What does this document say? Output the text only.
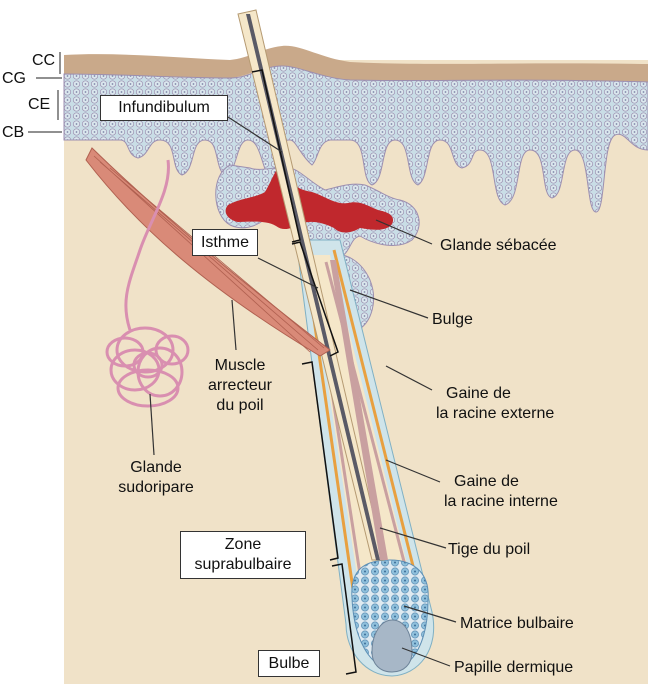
CC
CG
CE
CB
Infundibulum
Isthme
Zone
suprabulbaire
Bulbe
Glande sébacée
Bulge
Muscle
arrecteur
du poil
Glande
sudoripare
Gaine de
la racine externe
Gaine de
la racine interne
Tige du poil
Matrice bulbaire
Papille dermique
